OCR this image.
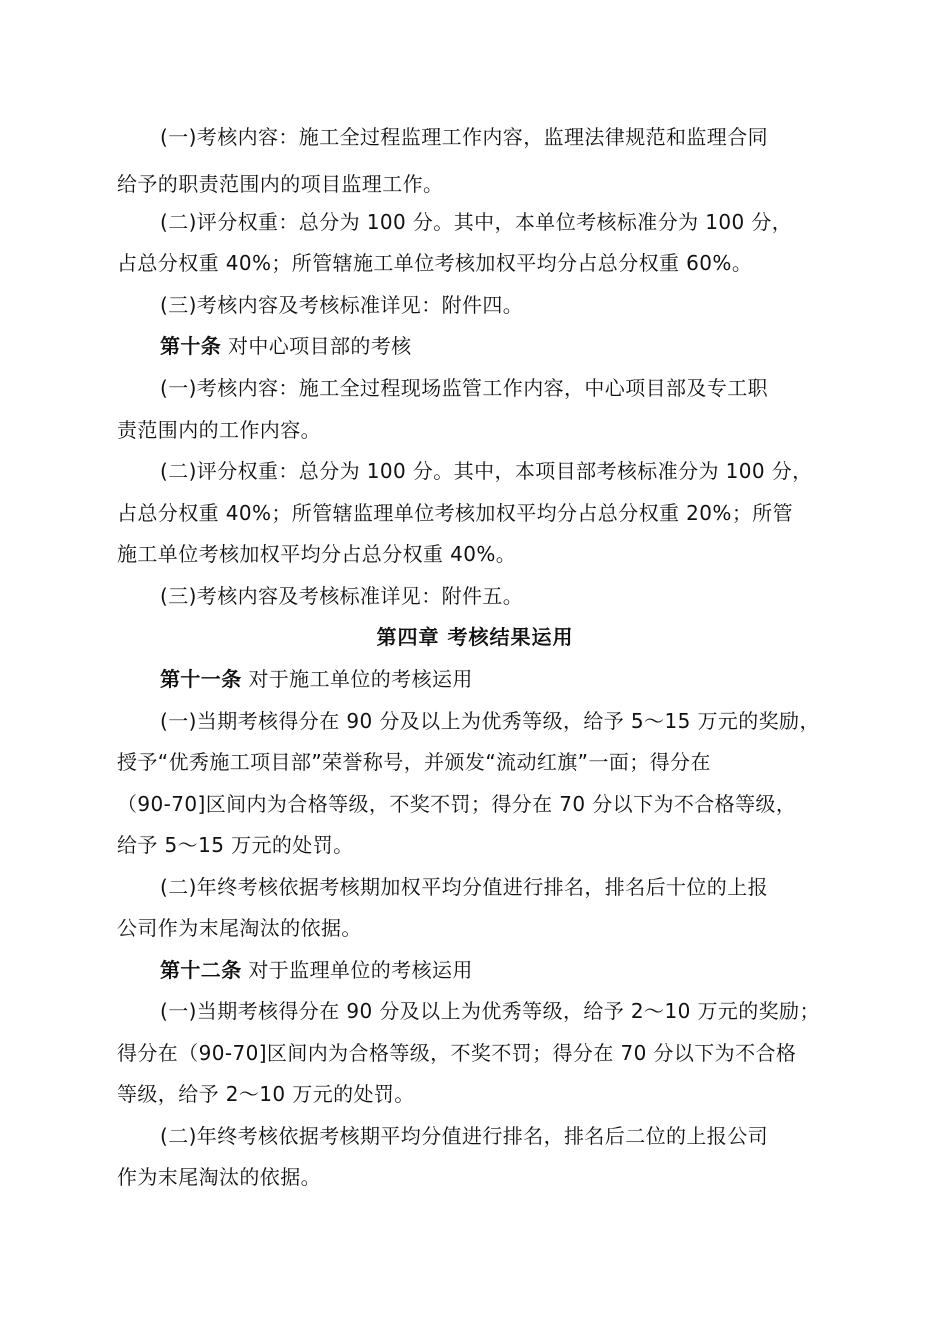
(一)考核内容：施工全过程监理工作内容，监理法律规范和监理合同
给予的职责范围内的项目监理工作。
(二)评分权重：总分为 100 分。其中，本单位考核标准分为 100 分，
占总分权重 40%；所管辖施工单位考核加权平均分占总分权重 60%。
(三)考核内容及考核标准详见：附件四。
第十条 对中心项目部的考核
(一)考核内容：施工全过程现场监管工作内容，中心项目部及专工职
责范围内的工作内容。
(二)评分权重：总分为 100 分。其中，本项目部考核标准分为 100 分，
占总分权重 40%；所管辖监理单位考核加权平均分占总分权重 20%；所管
施工单位考核加权平均分占总分权重 40%。
(三)考核内容及考核标准详见：附件五。
第四章 考核结果运用
第十一条 对于施工单位的考核运用
(一)当期考核得分在 90 分及以上为优秀等级，给予 5～15 万元的奖励，
授予“优秀施工项目部”荣誉称号，并颁发“流动红旗”一面；得分在
（90-70]区间内为合格等级，不奖不罚；得分在 70 分以下为不合格等级，
给予 5～15 万元的处罚。
(二)年终考核依据考核期加权平均分值进行排名，排名后十位的上报
公司作为末尾淘汰的依据。
第十二条 对于监理单位的考核运用
(一)当期考核得分在 90 分及以上为优秀等级，给予 2～10 万元的奖励；
得分在（90-70]区间内为合格等级，不奖不罚；得分在 70 分以下为不合格
等级，给予 2～10 万元的处罚。
(二)年终考核依据考核期平均分值进行排名，排名后二位的上报公司
作为末尾淘汰的依据。
